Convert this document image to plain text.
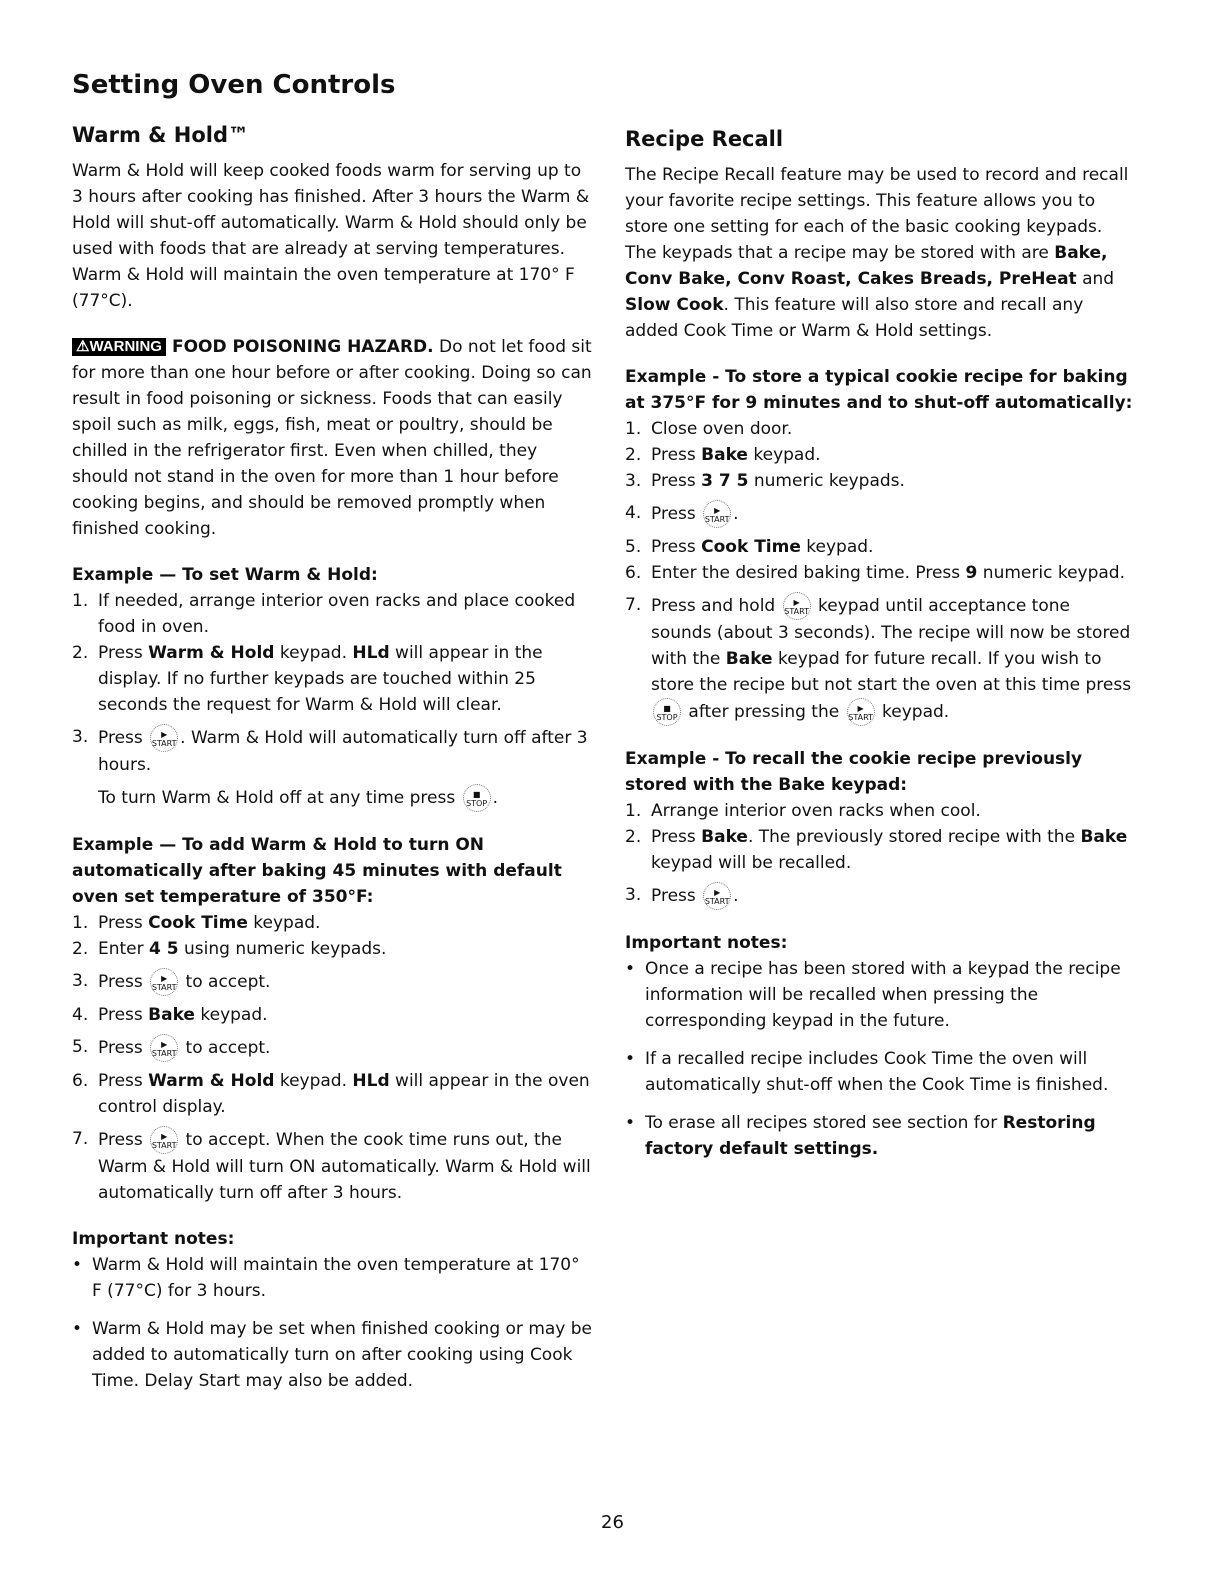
Setting Oven Controls
Warm & Hold™

Warm & Hold will keep cooked foods warm for serving up to 3 hours after cooking has finished. After 3 hours the Warm & Hold will shut-off automatically. Warm & Hold should only be used with foods that are already at serving temperatures. Warm & Hold will maintain the oven temperature at 170° F (77°C).

⚠WARNING FOOD POISONING HAZARD. Do not let food sit for more than one hour before or after cooking. Doing so can result in food poisoning or sickness. Foods that can easily spoil such as milk, eggs, fish, meat or poultry, should be chilled in the refrigerator first. Even when chilled, they should not stand in the oven for more than 1 hour before cooking begins, and should be removed promptly when finished cooking.

Example — To set Warm & Hold:

1. If needed, arrange interior oven racks and place cooked food in oven.
2. Press Warm & Hold keypad. HLd will appear in the display. If no further keypads are touched within 25 seconds the request for Warm & Hold will clear.
3. Press	▶
START . Warm & Hold will automatically turn off after 3 hours.

To turn Warm & Hold off at any time press	■
STOP .

Example — To add Warm & Hold to turn ON automatically after baking 45 minutes with default oven set temperature of 350°F:

1. Press Cook Time keypad.
2. Enter 4 5 using numeric keypads.
3. Press	▶
START to accept.
4. Press Bake keypad.
5. Press	▶
START to accept.
6. Press Warm & Hold keypad. HLd will appear in the oven control display.
7. Press	▶
START to accept. When the cook time runs out, the Warm & Hold will turn ON automatically. Warm & Hold will automatically turn off after 3 hours.

Important notes:

• Warm & Hold will maintain the oven temperature at 170° F (77°C) for 3 hours.
• Warm & Hold may be set when finished cooking or may be added to automatically turn on after cooking using Cook Time. Delay Start may also be added.
Recipe Recall

The Recipe Recall feature may be used to record and recall your favorite recipe settings. This feature allows you to store one setting for each of the basic cooking keypads. The keypads that a recipe may be stored with are Bake, Conv Bake, Conv Roast, Cakes Breads, PreHeat and Slow Cook. This feature will also store and recall any added Cook Time or Warm & Hold settings.

Example - To store a typical cookie recipe for baking at 375°F for 9 minutes and to shut-off automatically:

1. Close oven door.
2. Press Bake keypad.
3. Press 3 7 5 numeric keypads.
4. Press	▶
START .
5. Press Cook Time keypad.
6. Enter the desired baking time. Press 9 numeric keypad.
7. Press and hold	▶
START keypad until acceptance tone sounds (about 3 seconds). The recipe will now be stored with the Bake keypad for future recall. If you wish to store the recipe but not start the oven at this time press
■
STOP after pressing the	▶
START keypad.

Example - To recall the cookie recipe previously stored with the Bake keypad:

1. Arrange interior oven racks when cool.
2. Press Bake. The previously stored recipe with the Bake keypad will be recalled.
3. Press	▶
START .

Important notes:

• Once a recipe has been stored with a keypad the recipe information will be recalled when pressing the corresponding keypad in the future.
• If a recalled recipe includes Cook Time the oven will automatically shut-off when the Cook Time is finished.
• To erase all recipes stored see section for Restoring factory default settings.
26
